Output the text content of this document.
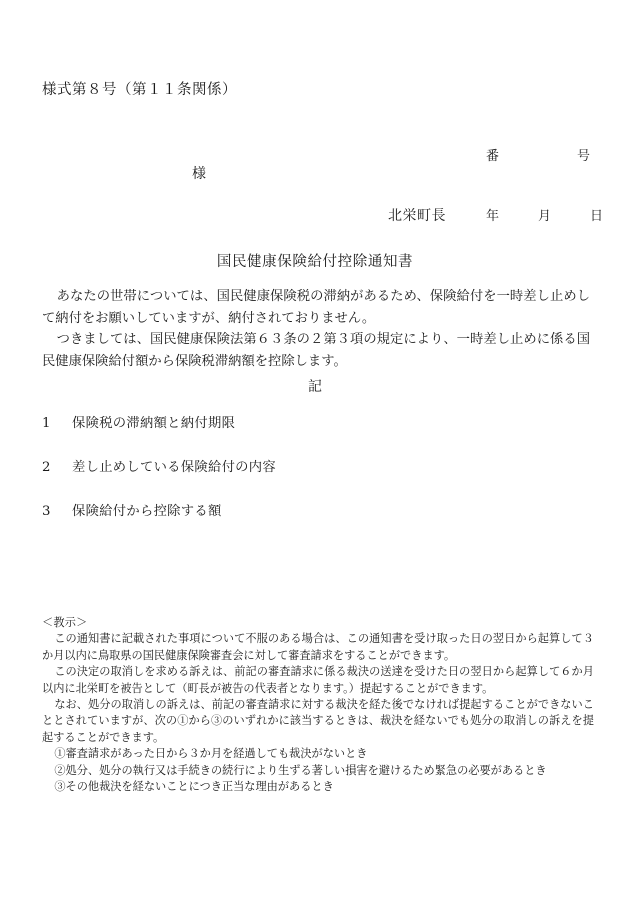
様式第８号（第１１条関係）

番　　　　　　号

年　　　月　　　日

様
北栄町長
国民健康保険給付控除通知書

あなたの世帯については、国民健康保険税の滞納があるため、保険給付を一時差し止めして納付をお願いしていますが、納付されておりません。

つきましては、国民健康保険法第６３条の２第３項の規定により、一時差し止めに係る国民健康保険給付額から保険税滞納額を控除します。

記
1	保険税の滞納額と納付期限
2	差し止めしている保険給付の内容
3	保険給付から控除する額

＜教示＞

この通知書に記載された事項について不服のある場合は、この通知書を受け取った日の翌日から起算して３か月以内に鳥取県の国民健康保険審査会に対して審査請求をすることができます。

この決定の取消しを求める訴えは、前記の審査請求に係る裁決の送達を受けた日の翌日から起算して６か月以内に北栄町を被告として（町長が被告の代表者となります。）提起することができます。

なお、処分の取消しの訴えは、前記の審査請求に対する裁決を経た後でなければ提起することができないこととされていますが、次の①から③のいずれかに該当するときは、裁決を経ないでも処分の取消しの訴えを提起することができます。

①審査請求があった日から３か月を経過しても裁決がないとき
②処分、処分の執行又は手続きの続行により生ずる著しい損害を避けるため緊急の必要があるとき
③その他裁決を経ないことにつき正当な理由があるとき
